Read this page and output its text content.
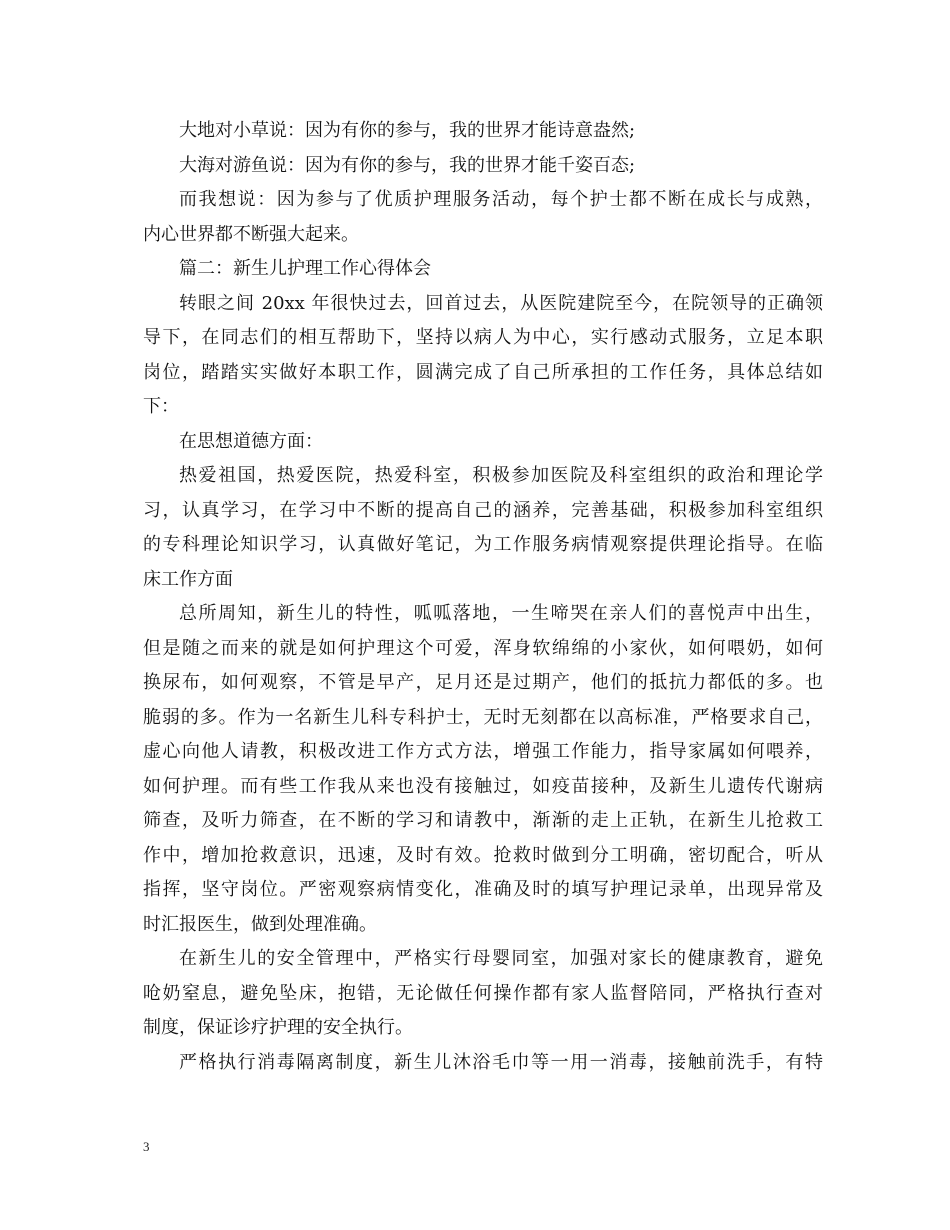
大地对小草说：因为有你的参与，我的世界才能诗意盎然;
大海对游鱼说：因为有你的参与，我的世界才能千姿百态;
而我想说：因为参与了优质护理服务活动，每个护士都不断在成长与成熟，
内心世界都不断强大起来。
篇二：新生儿护理工作心得体会
转眼之间 20xx 年很快过去，回首过去，从医院建院至今，在院领导的正确领
导下，在同志们的相互帮助下，坚持以病人为中心，实行感动式服务，立足本职
岗位，踏踏实实做好本职工作，圆满完成了自己所承担的工作任务，具体总结如
下：
在思想道德方面：
热爱祖国，热爱医院，热爱科室，积极参加医院及科室组织的政治和理论学
习，认真学习，在学习中不断的提高自己的涵养，完善基础，积极参加科室组织
的专科理论知识学习，认真做好笔记，为工作服务病情观察提供理论指导。在临
床工作方面
总所周知，新生儿的特性，呱呱落地，一生啼哭在亲人们的喜悦声中出生，
但是随之而来的就是如何护理这个可爱，浑身软绵绵的小家伙，如何喂奶，如何
换尿布，如何观察，不管是早产，足月还是过期产，他们的抵抗力都低的多。也
脆弱的多。作为一名新生儿科专科护士，无时无刻都在以高标准，严格要求自己，
虚心向他人请教，积极改进工作方式方法，增强工作能力，指导家属如何喂养，
如何护理。而有些工作我从来也没有接触过，如疫苗接种，及新生儿遗传代谢病
筛查，及听力筛查，在不断的学习和请教中，渐渐的走上正轨，在新生儿抢救工
作中，增加抢救意识，迅速，及时有效。抢救时做到分工明确，密切配合，听从
指挥，坚守岗位。严密观察病情变化，准确及时的填写护理记录单，出现异常及
时汇报医生，做到处理准确。
在新生儿的安全管理中，严格实行母婴同室，加强对家长的健康教育，避免
呛奶窒息，避免坠床，抱错，无论做任何操作都有家人监督陪同，严格执行查对
制度，保证诊疗护理的安全执行。
严格执行消毒隔离制度，新生儿沐浴毛巾等一用一消毒，接触前洗手，有特
3
